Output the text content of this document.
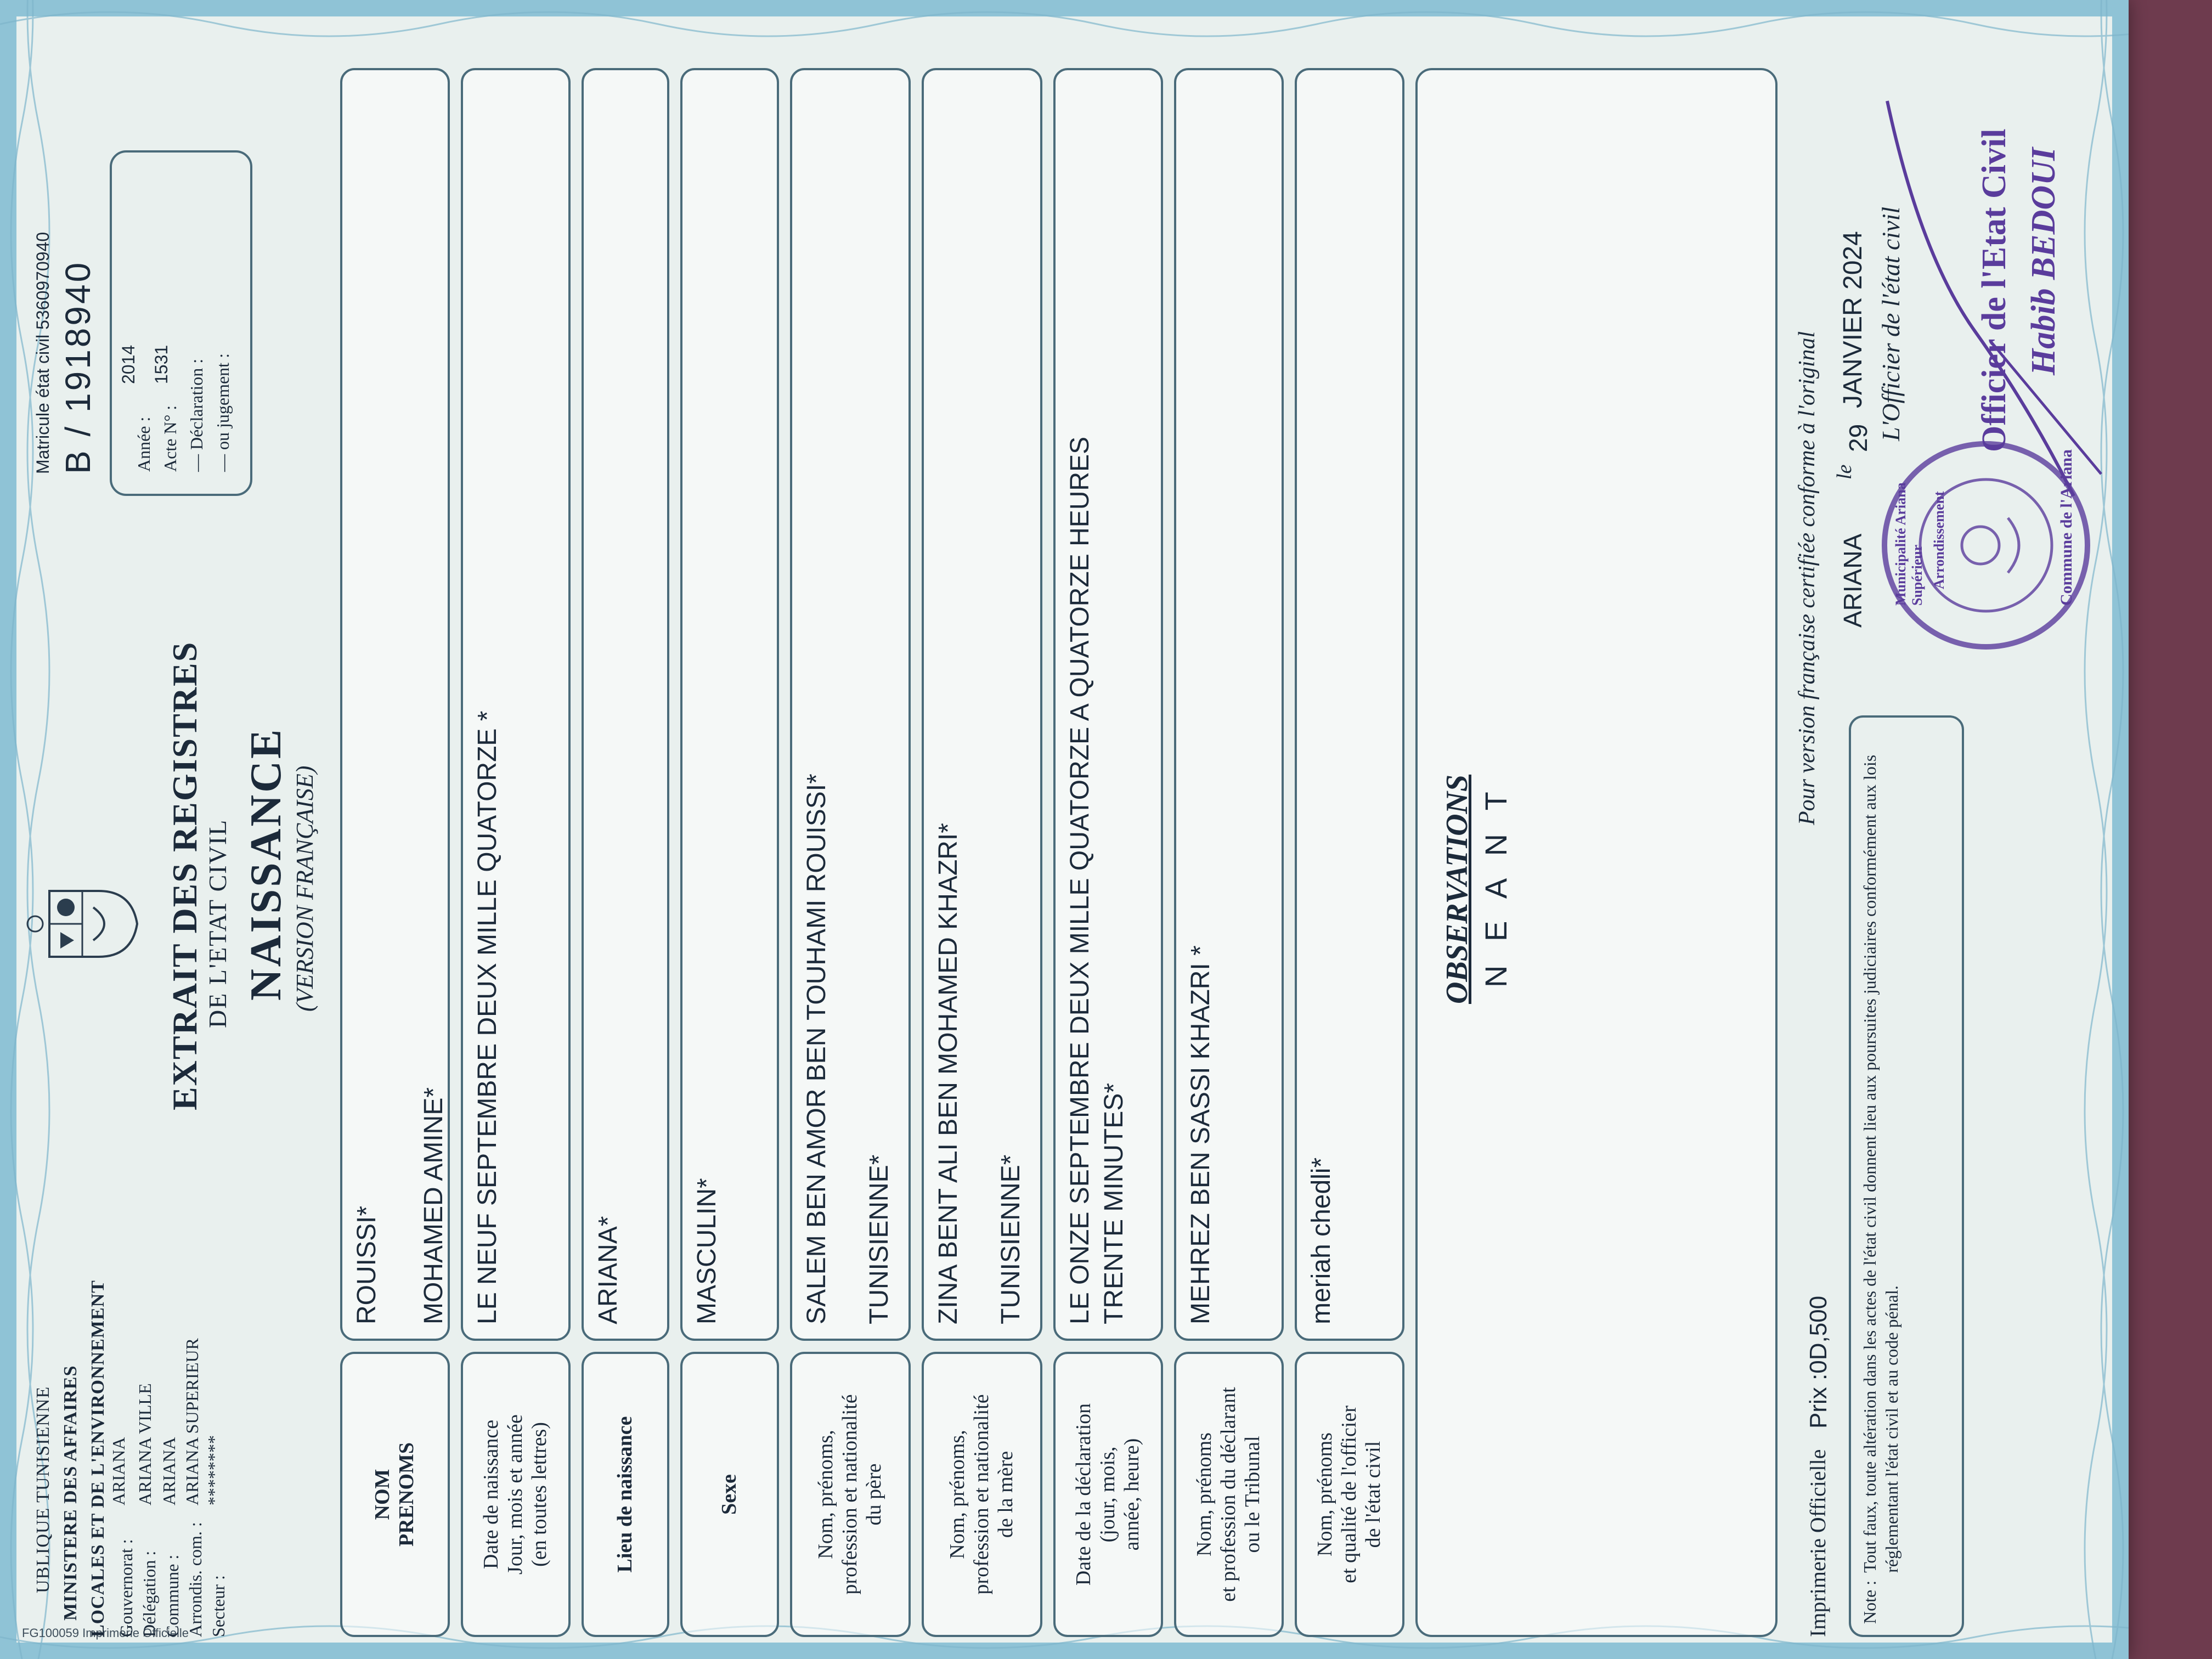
FG100059 Imprimerie Officielle
UBLIQUE TUNISIENNE MINISTERE DES AFFAIRES LOCALES ET DE L'ENVIRONNEMENT Gouvernorat :
ARIANA
Délégation :
ARIANA VILLE
Commune :
ARIANA
Arrondis. com. :
ARIANA SUPERIEUR
Secteur :
********
EXTRAIT DES REGISTRES DE L'ETAT CIVIL NAISSANCE (VERSION FRANÇAISE)
Matricule état civil 5360970940 B / 1918940 Année :
2014
Acte N° :
1531 — Déclaration : — ou jugement :
NOM
PRENOMS
ROUISSI* MOHAMED AMINE*
Date de naissance
Jour, mois et année
(en toutes lettres)
LE NEUF SEPTEMBRE DEUX MILLE QUATORZE *
Lieu de naissance
ARIANA*
Sexe
MASCULIN*
Nom, prénoms,
profession et nationalité
du père
SALEM BEN AMOR BEN TOUHAMI ROUISSI* TUNISIENNE*
Nom, prénoms,
profession et nationalité
de la mère
ZINA BENT ALI BEN MOHAMED KHAZRI* TUNISIENNE*
Date de la déclaration
(jour, mois,
année, heure)
LE ONZE SEPTEMBRE DEUX MILLE QUATORZE A QUATORZE HEURES TRENTE MINUTES*
Nom, prénoms
et profession du déclarant
ou le Tribunal
MEHREZ BEN SASSI KHAZRI *
Nom, prénoms
et qualité de l'officier
de l'état civil
meriah chedli*
OBSERVATIONS N E A N T
Imprimerie Officielle
Prix :0D,500
Note :
Tout faux, toute altération dans les actes de l'état civil donnent lieu aux poursuites judiciaires conformément aux lois réglementant l'état civil et au code pénal.
Pour version française certifiée conforme à l'original ARIANA
le
29
JANVIER 2024 L'Officier de l'état civil
Municipalité Ariana Supérieur Arrondissement	Commune de l'Ariana
Officier de l'Etat Civil Habib BEDOUI
